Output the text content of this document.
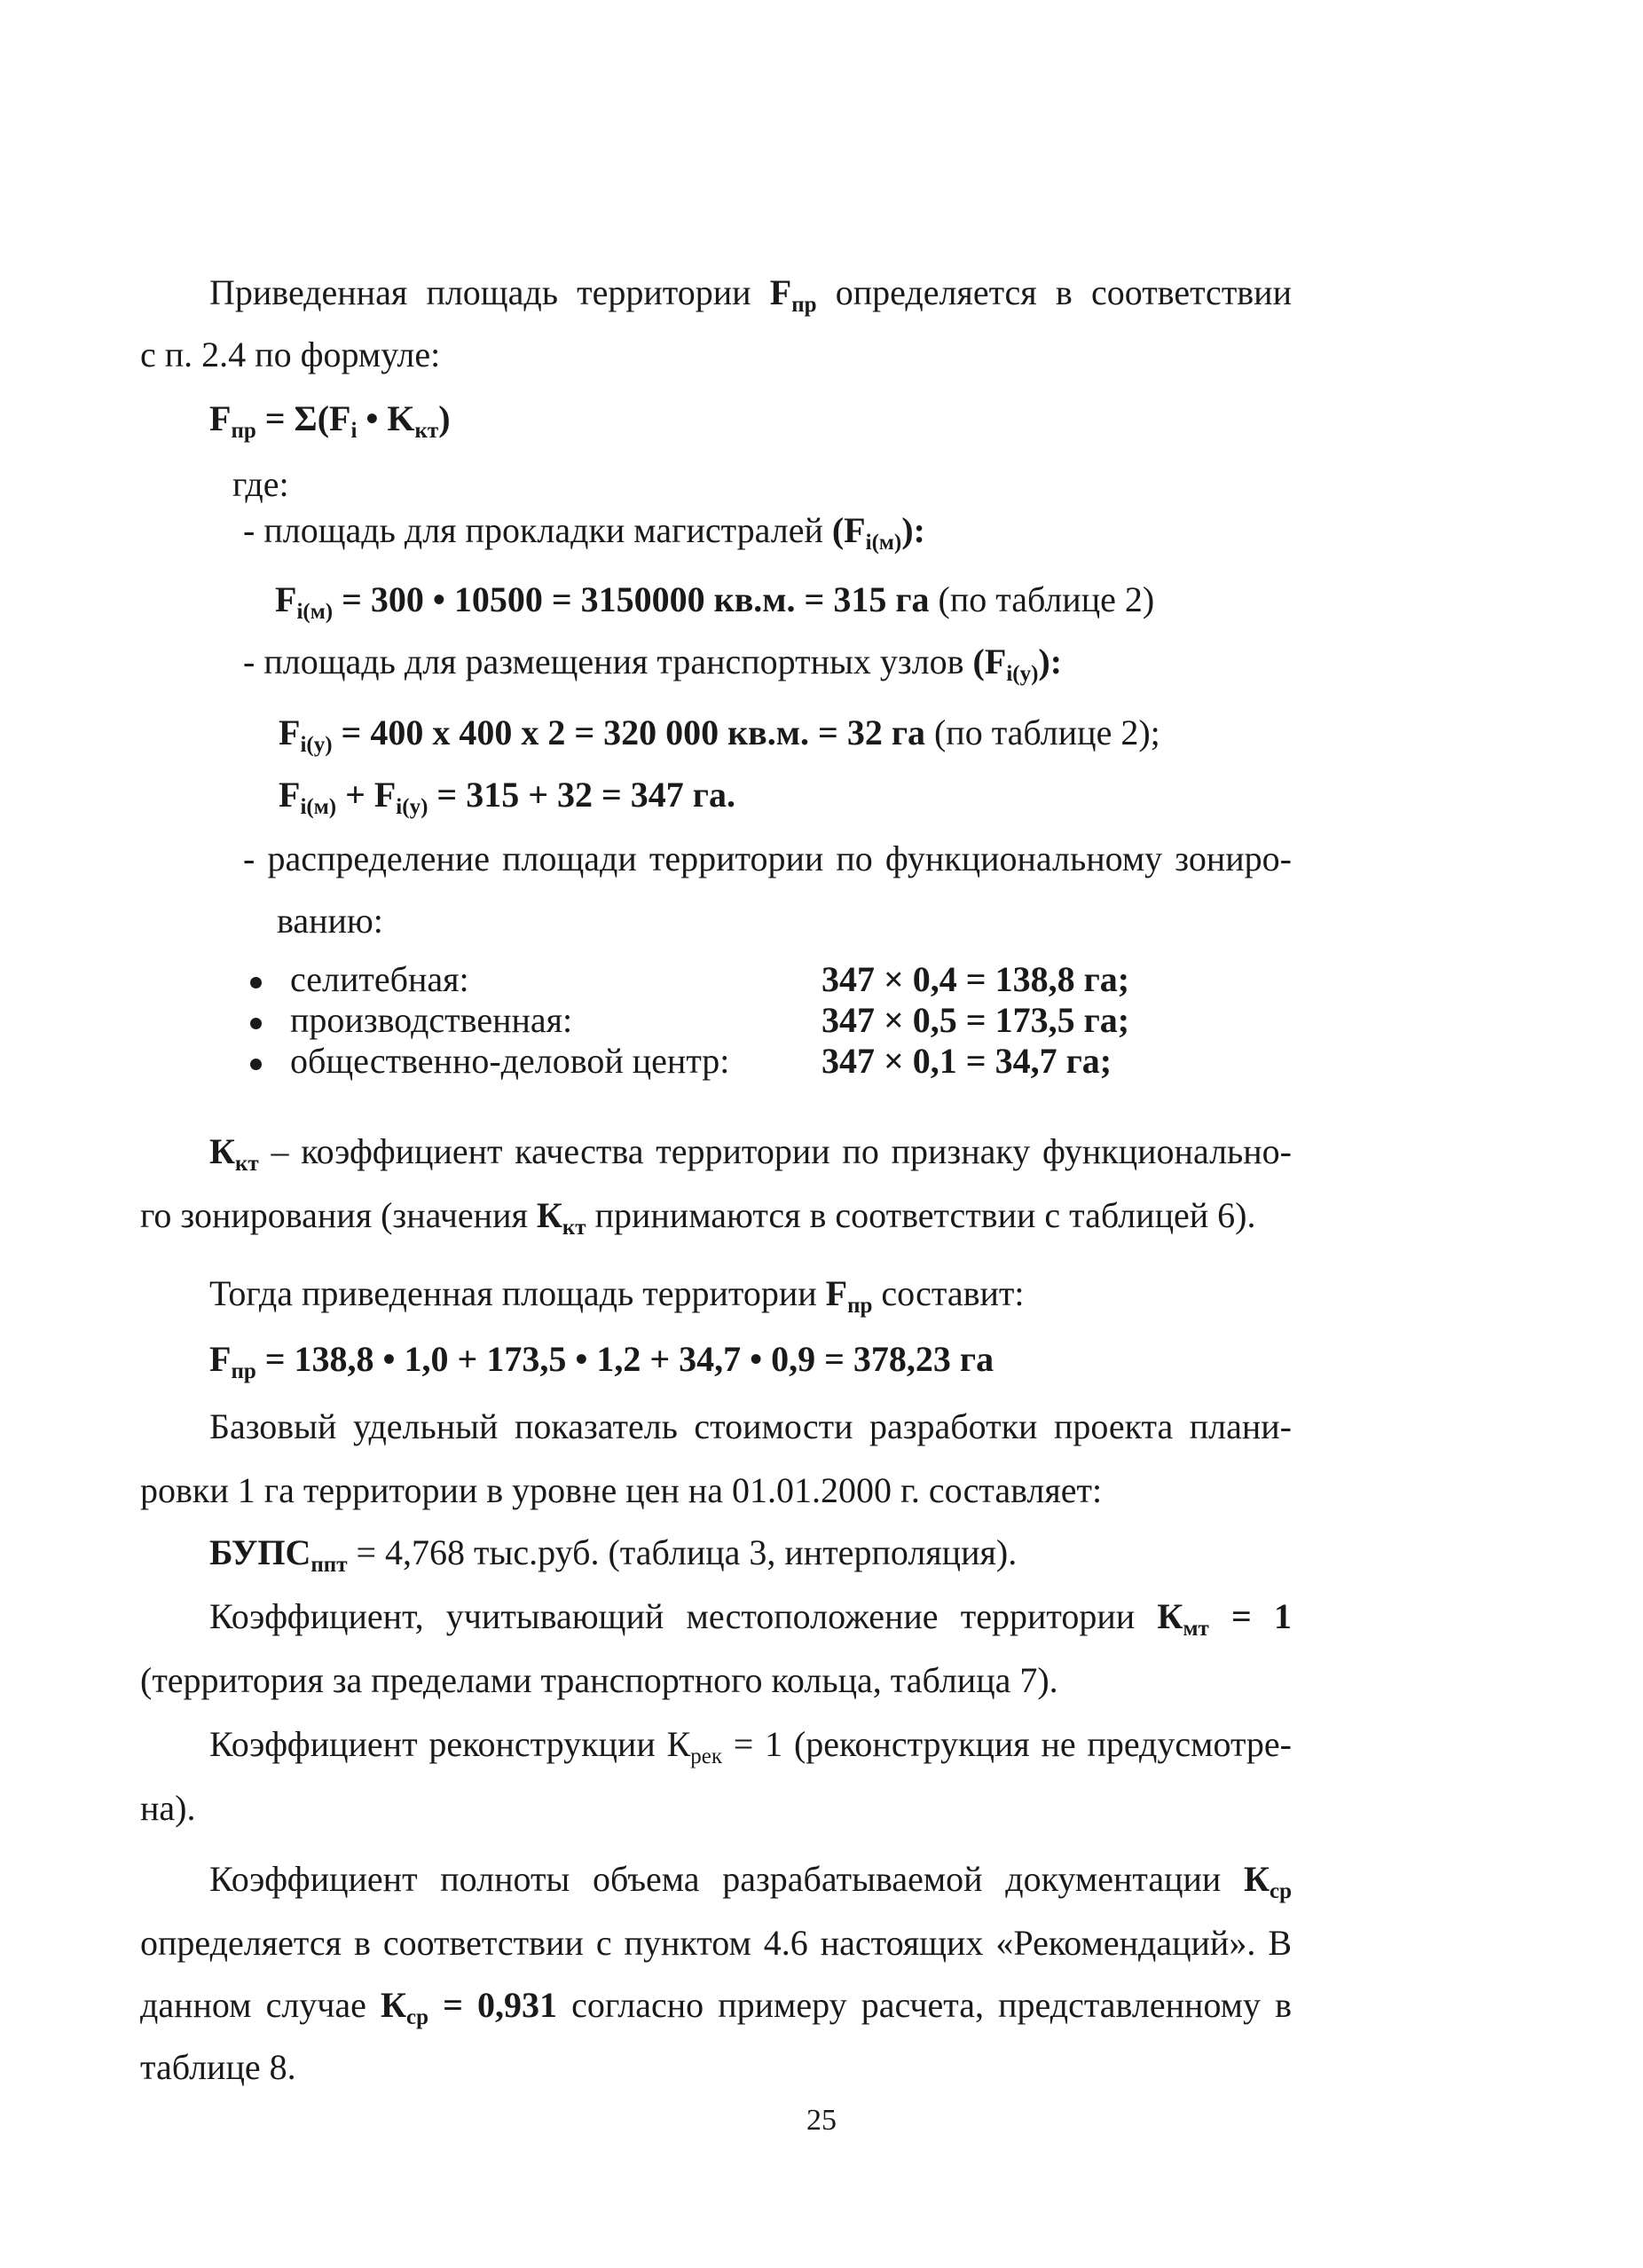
Приведенная площадь территории $F_{пр}$ определяется в соответствии
с п. 2.4 по формуле:
$F_{пр} = \Sigma(F_i$ • $K_{кт}$)
где:
- площадь для прокладки магистралей $(F_{i(м)})$:
$F_{i(м)} = 300$ • 10500 = 3150000 кв.м. = 315 га (по таблице 2)
- площадь для размещения транспортных узлов $(F_{i(у)})$:
$F_{i(у)} = 400$ х 400 х 2 = 320 000 кв.м. = 32 га (по таблице 2);
$F_{i(м)} + F_{i(у)} = 315 + 32 = 347$ га.
- распределение площади территории по функциональному зониро-
ванию:
селитебная:	347 × 0,4 = 138,8 га;
производственная:	347 × 0,5 = 173,5 га;
общественно-деловой центр:	347 × 0,1 = 34,7 га;
$К_{кт}$ – коэффициент качества территории по признаку функционально-
го зонирования (значения $К_{кт}$ принимаются в соответствии с таблицей 6).
Тогда приведенная площадь территории $F_{пр}$ составит:
$F_{пр} = 138,8$ • 1,0 + 173,5 • 1,2 + 34,7 • 0,9 = 378,23 га
Базовый удельный показатель стоимости разработки проекта плани-
ровки 1 га территории в уровне цен на 01.01.2000 г. составляет:
$БУПС_{ппт} = 4,768$ тыс.руб. (таблица 3, интерполяция).
Коэффициент, учитывающий местоположение территории $К_{мт} = 1$
(территория за пределами транспортного кольца, таблица 7).
Коэффициент реконструкции $К_{рек} = 1$ (реконструкция не предусмотре-
на).
Коэффициент полноты объема разрабатываемой документации $К_{ср}$
определяется в соответствии с пунктом 4.6 настоящих «Рекомендаций». В
данном случае $К_{ср} = 0,931$ согласно примеру расчета, представленному в
таблице 8.
25
